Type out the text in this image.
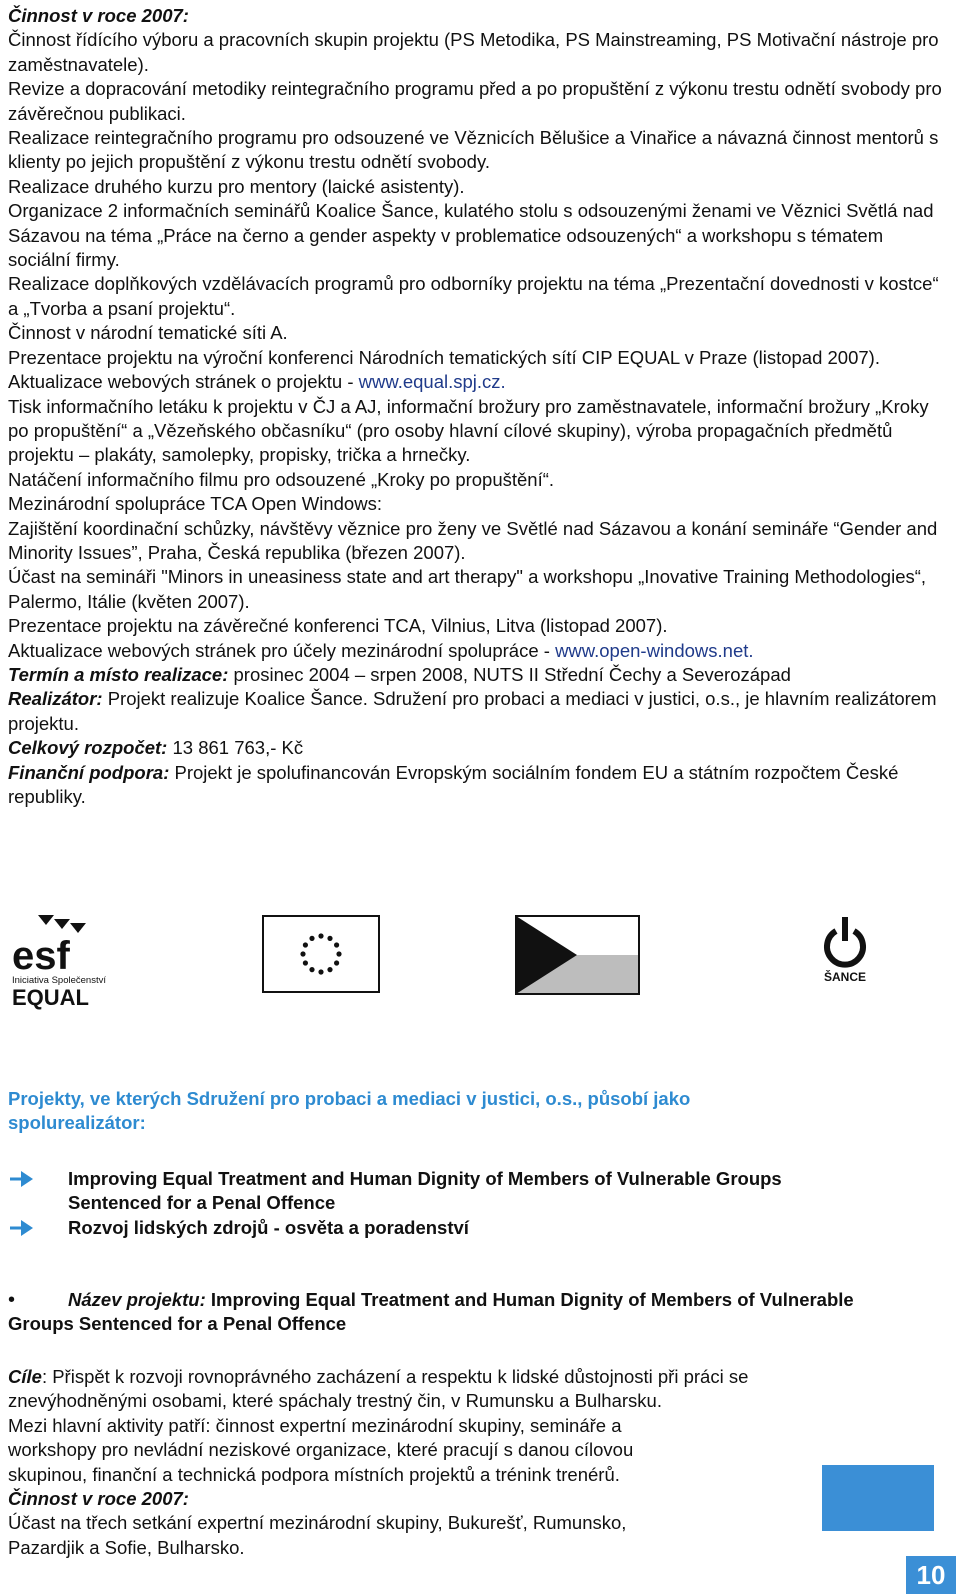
Činnost v roce 2007:

Činnost řídícího výboru a pracovních skupin projektu (PS Metodika, PS Mainstreaming, PS Motivační nástroje pro zaměstnavatele).

Revize a dopracování metodiky reintegračního programu před a po propuštění z výkonu trestu odnětí svobody pro závěrečnou publikaci.

Realizace reintegračního programu pro odsouzené ve Věznicích Bělušice a Vinařice a návazná činnost mentorů s klienty po jejich propuštění z výkonu trestu odnětí svobody.

Realizace druhého kurzu pro mentory (laické asistenty).

Organizace 2 informačních seminářů Koalice Šance, kulatého stolu s odsouzenými ženami ve Věznici Světlá nad Sázavou na téma „Práce na černo a gender aspekty v problematice odsouzených“ a workshopu s tématem sociální firmy.

Realizace doplňkových vzdělávacích programů pro odborníky projektu na téma „Prezentační dovednosti v kostce“ a „Tvorba a psaní projektu“.

Činnost v národní tematické síti A.

Prezentace projektu na výroční konferenci Národních tematických sítí CIP EQUAL v Praze (listopad 2007).

Aktualizace webových stránek o projektu - www.equal.spj.cz.

Tisk informačního letáku k projektu v ČJ a AJ, informační brožury pro zaměstnavatele, informační brožury „Kroky po propuštění“ a „Vězeňského občasníku“ (pro osoby hlavní cílové skupiny), výroba propagačních předmětů projektu – plakáty, samolepky, propisky, trička a hrnečky.

Natáčení informačního filmu pro odsouzené „Kroky po propuštění“.

Mezinárodní spolupráce TCA Open Windows:

Zajištění koordinační schůzky, návštěvy věznice pro ženy ve Světlé nad Sázavou a konání semináře “Gender and Minority Issues”, Praha, Česká republika (březen 2007).

Účast na semináři "Minors in uneasiness state and art therapy" a workshopu „Inovative Training Methodologies“, Palermo, Itálie (květen 2007).

Prezentace projektu na závěrečné konferenci TCA, Vilnius, Litva (listopad 2007).

Aktualizace webových stránek pro účely mezinárodní spolupráce - www.open-windows.net.

Termín a místo realizace: prosinec 2004 – srpen 2008, NUTS II Střední Čechy a Severozápad

Realizátor: Projekt realizuje Koalice Šance. Sdružení pro probaci a mediaci v justici, o.s., je hlavním realizátorem projektu.

Celkový rozpočet: 13 861 763,- Kč

Finanční podpora: Projekt je spolufinancován Evropským sociálním fondem EU a státním rozpočtem České republiky.

esf
Iniciativa Společenství
EQUAL
ŠANCE
Projekty, ve kterých Sdružení pro probaci a mediaci v justici, o.s., působí jako spolurealizátor:
Improving Equal Treatment and Human Dignity of Members of Vulnerable Groups Sentenced for a Penal Offence
Rozvoj lidských zdrojů - osvěta a poradenství
•	Název projektu: Improving Equal Treatment and Human Dignity of Members of Vulnerable Groups Sentenced for a Penal Offence

Cíle: Přispět k rozvoji rovnoprávného zacházení a respektu k lidské důstojnosti při práci se znevýhodněnými osobami, které spáchaly trestný čin, v Rumunsku a Bulharsku.

Mezi hlavní aktivity patří: činnost expertní mezinárodní skupiny, semináře a

workshopy pro nevládní neziskové organizace, které pracují s danou cílovou

skupinou, finanční a technická podpora místních projektů a trénink trenérů.

Činnost v roce 2007:

Účast na třech setkání expertní mezinárodní skupiny, Bukurešť, Rumunsko,

Pazardjik a Sofie, Bulharsko.

10
